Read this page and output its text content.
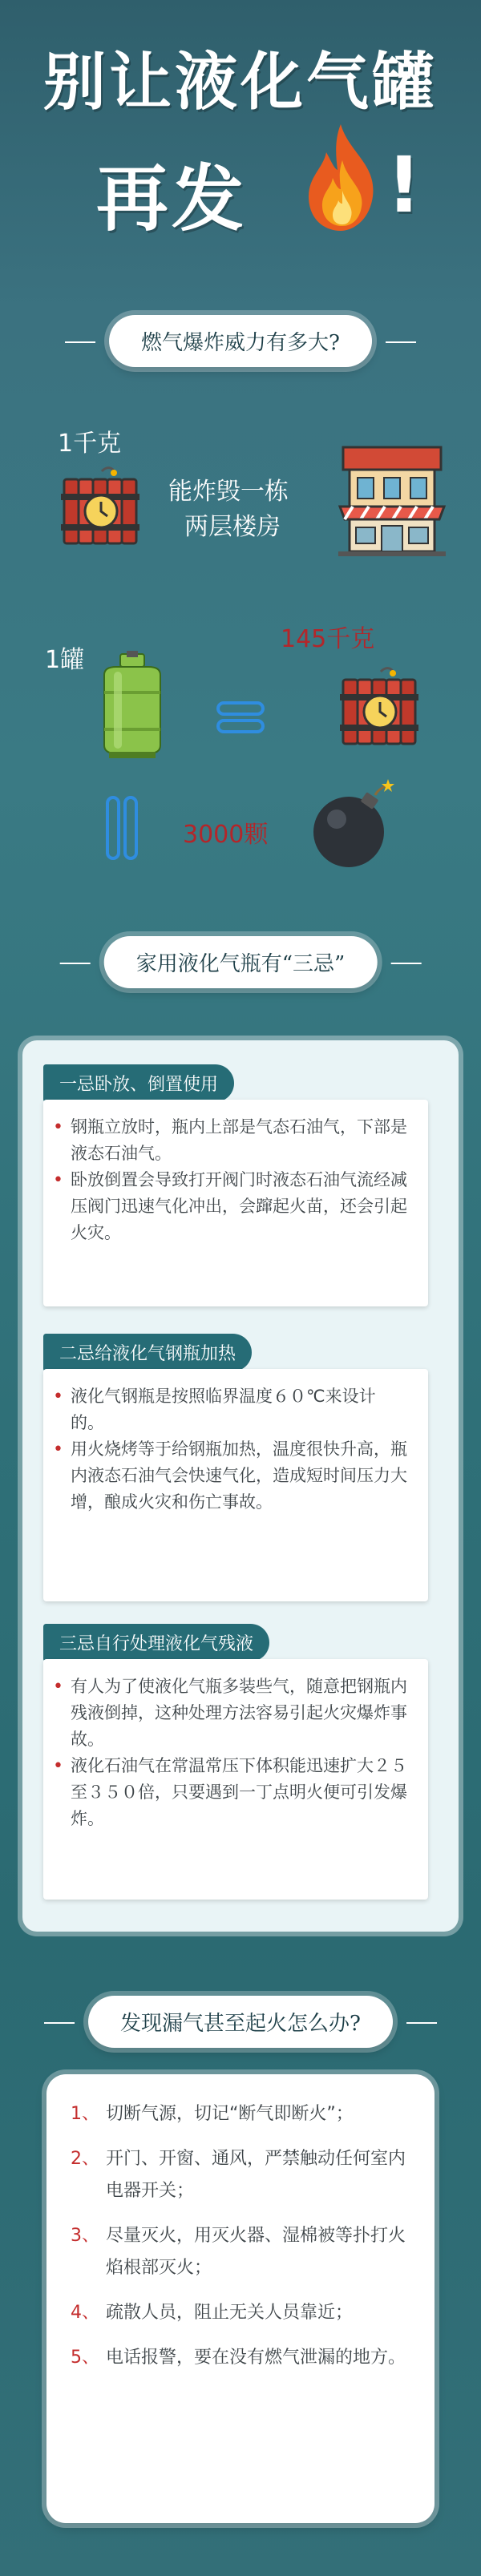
别让液化气罐
再发 !
燃气爆炸威力有多大?
1千克
能炸毁一栋
两层楼房
1罐
145千克
3000颗
家用液化气瓶有“三忌”
一忌卧放、倒置使用
• 钢瓶立放时，瓶内上部是气态石油气，下部是液态石油气。
• 卧放倒置会导致打开阀门时液态石油气流经减压阀门迅速气化冲出，会蹿起火苗，还会引起火灾。
二忌给液化气钢瓶加热
• 液化气钢瓶是按照临界温度６０℃来设计的。
• 用火烧烤等于给钢瓶加热，温度很快升高，瓶内液态石油气会快速气化，造成短时间压力大增，酿成火灾和伤亡事故。
三忌自行处理液化气残液
• 有人为了使液化气瓶多装些气，随意把钢瓶内残液倒掉，这种处理方法容易引起火灾爆炸事故。
• 液化石油气在常温常压下体积能迅速扩大２５至３５０倍，只要遇到一丁点明火便可引发爆炸。
发现漏气甚至起火怎么办?
1、 切断气源，切记“断气即断火”；
2、 开门、开窗、通风，严禁触动任何室内电器开关；
3、 尽量灭火，用灭火器、湿棉被等扑打火焰根部灭火；
4、 疏散人员，阻止无关人员靠近；
5、 电话报警，要在没有燃气泄漏的地方。
